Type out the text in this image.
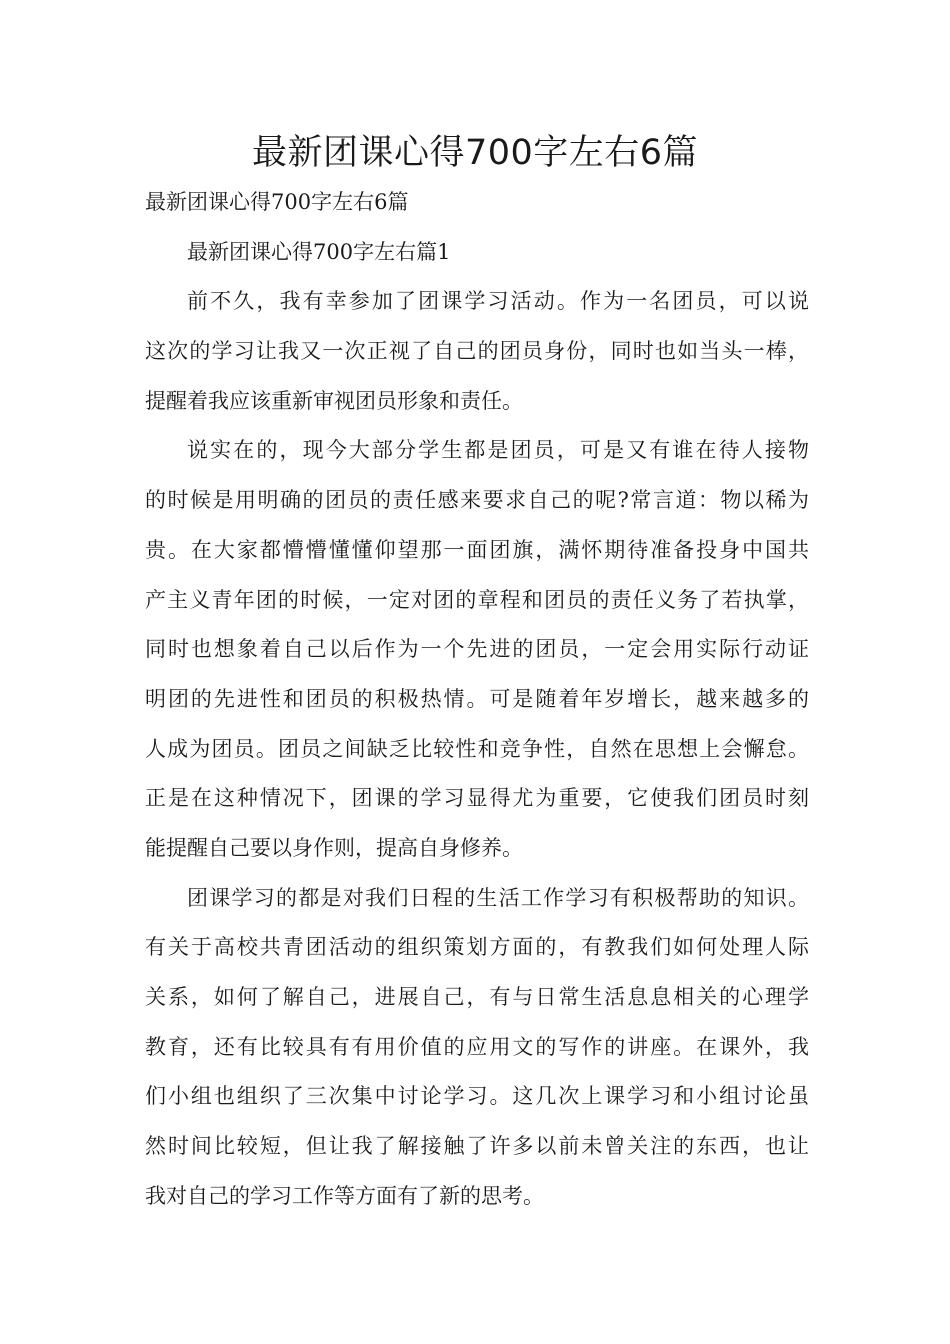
最新团课心得700字左右6篇
最新团课心得700字左右6篇
最新团课心得700字左右篇1
前不久，我有幸参加了团课学习活动。作为一名团员，可以说
这次的学习让我又一次正视了自己的团员身份，同时也如当头一棒，
提醒着我应该重新审视团员形象和责任。
说实在的，现今大部分学生都是团员，可是又有谁在待人接物
的时候是用明确的团员的责任感来要求自己的呢?常言道：物以稀为
贵。在大家都懵懵懂懂仰望那一面团旗，满怀期待准备投身中国共
产主义青年团的时候，一定对团的章程和团员的责任义务了若执掌，
同时也想象着自己以后作为一个先进的团员，一定会用实际行动证
明团的先进性和团员的积极热情。可是随着年岁增长，越来越多的
人成为团员。团员之间缺乏比较性和竞争性，自然在思想上会懈怠。
正是在这种情况下，团课的学习显得尤为重要，它使我们团员时刻
能提醒自己要以身作则，提高自身修养。
团课学习的都是对我们日程的生活工作学习有积极帮助的知识。
有关于高校共青团活动的组织策划方面的，有教我们如何处理人际
关系，如何了解自己，进展自己，有与日常生活息息相关的心理学
教育，还有比较具有有用价值的应用文的写作的讲座。在课外，我
们小组也组织了三次集中讨论学习。这几次上课学习和小组讨论虽
然时间比较短，但让我了解接触了许多以前未曾关注的东西，也让
我对自己的学习工作等方面有了新的思考。
